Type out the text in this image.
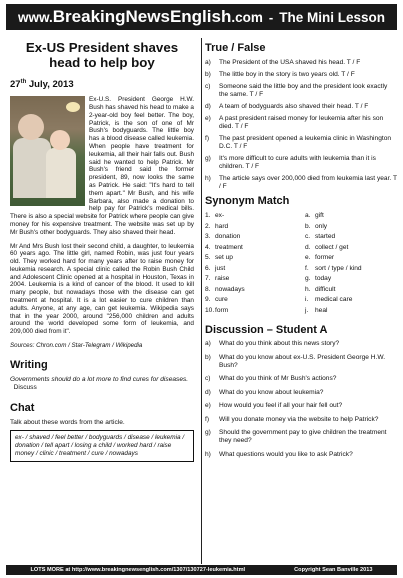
www.BreakingNewsEnglish.com - The Mini Lesson
Ex-US President shaves head to help boy
27th July, 2013

Ex-U.S. President George H.W. Bush has shaved his head to make a 2-year-old boy feel better. The boy, Patrick, is the son of one of Mr Bush's bodyguards. The little boy has a blood disease called leukemia. When people have treatment for leukemia, all their hair falls out. Bush said he wanted to help Patrick. Mr Bush's friend said the former president, 89, now looks the same as Patrick. He said: "It's hard to tell them apart." Mr Bush, and his wife Barbara, also made a donation to help pay for Patrick's medical bills. There is also a special website for Patrick where people can give money for his expensive treatment. The website was set up by Mr Bush's other bodyguards. They also shaved their head.

Mr And Mrs Bush lost their second child, a daughter, to leukemia 60 years ago. The little girl, named Robin, was just four years old. They worked hard for many years after to raise money for leukemia research. A special clinic called the Robin Bush Child and Adolescent Clinic opened at a hospital in Houston, Texas in 2004. Leukemia is a kind of cancer of the blood. It used to kill many people, but nowadays those with the disease can get treatment at hospital. It is a lot easier to cure children than adults. Anyone, at any age, can get leukemia. Wikipedia says that in the year 2000, around "256,000 children and adults around the world developed some form of leukemia, and 209,000 died from it".

Sources: Chron.com / Star-Telegram / Wikipedia
Writing
Governments should do a lot more to find cures for diseases.   Discuss
Chat
Talk about these words from the article.
ex- / shaved / feel better / bodyguards / disease / leukemia / donation / tell apart / losing a child / worked hard / raise money / clinic / treatment / cure / nowadays
True / False
a)	The President of the USA shaved his head. T / F
b)	The little boy in the story is two years old. T / F
c)	Someone said the little boy and the president look exactly the same. T / F
d)	A team of bodyguards also shaved their head. T / F
e)	A past president raised money for leukemia after his son died. T / F
f)	The past president opened a leukemia clinic in Washington D.C. T / F
g)	It's more difficult to cure adults with leukemia than it is children. T / F
h)	The article says over 200,000 died from leukemia last year. T / F
Synonym Match
1. ex-	a. gift
2. hard	b. only
3. donation	c. started
4. treatment	d. collect / get
5. set up	e. former
6. just	f. sort / type / kind
7. raise	g. today
8. nowadays	h. difficult
9. cure	i.	medical care
10. form	j.	heal
Discussion – Student A
a)	What do you think about this news story?
b)	What do you know about ex-U.S. President George H.W. Bush?
c)	What do you think of Mr Bush's actions?
d)	What do you know about leukemia?
e)	How would you feel if all your hair fell out?
f)	Will you donate money via the website to help Patrick?
g)	Should the government pay to give children the treatment they need?
h)	What questions would you like to ask Patrick?
LOTS MORE at http://www.breakingnewsenglish.com/1307/130727-leukemia.html	Copyright Sean Banville 2013
